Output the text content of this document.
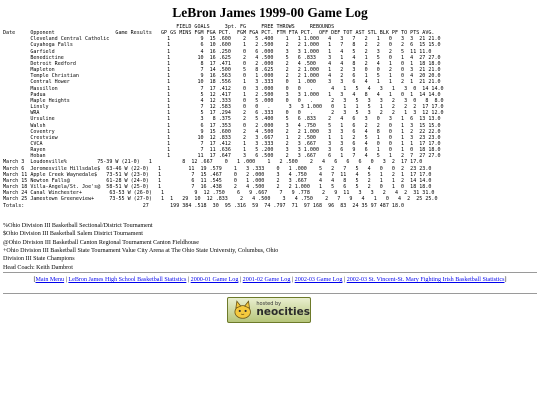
LeBron James 1999-00 Game Log
FIELD GOALS     3pt. FG     FREE THROWS     REBOUNDS
Date     Opponent                    Game Results   GP GS MINS FGM FGA PCT.  FGM FGA PCT. FTM FTA PCT.  OFF DEF TOT AST STL BLK PF TO PTS AVG.
Cleveland Central Catholic                   1          9  15 .600    2   5 .400    1   1 1.000   4   3   7   2   1   0   3  3  21 21.0
Cuyahoga Falls                               1          6  10 .600    1   2 .500    2   2 1.000   1   7   8   2   2   0   2  6  15 15.0
Garfield                                     1          4  16 .250    0   6 .000    3   3 1.000   1   4   5   2   3   2   5  11 11.0
Benedictine                                  1         10  16 .625    2   4 .500    5   6 .833    3   1   4   1   5   0   1  4  27 27.0
Detroit Redford                              1          8  17 .471    0   2 .000    2   4 .500    4   4   8   2   4   1   0  1  18 18.0
Mapleton                                     1          7  14 .500    5   8 .625    2   2 1.000   1   2   3   0   0   2   0  3  21 21.0
Temple Christian                             1          9  16 .563    0   1 .000    2   2 1.000   4   2   6   1   5   1   0  4  20 20.0
Central Hower                                1         10  18 .556    1   3 .333    0   1 .000    3   3   6   4   1   1   2  1  21 21.0
Massillon                                    1          7  17 .412    0   3 .000    0   0   .      4   1   5   4   3   1   3  0  14 14.0
Padua                                        1          5  12 .417    1   2 .500    3   3 1.000   1   3   4   8   4   1   0  1  14 14.0
Maple Heights                                1          4  12 .333    0   5 .000    0   0   .      2   3   5   3   3   2   3  0   8  8.0
Linsly                                       1          7  12 .583    0   0   .      3   3 1.000   0   1   1   5   1   2   2  2  17 17.0
WRA                                          1          5  17 .294    2   6 .333    0   0   .      2   3   5   3   2   2   1  3  12 12.0
Ursuline                                     1          3   8 .375    2   5 .400    5   6 .833    2   4   6   3   0   3   1  6  13 13.0
Walsh                                        1          6  17 .353    0   2 .000    3   4 .750    5   1   6   2   2   0   1  3  15 15.0
Coventry                                     1          9  15 .600    2   4 .500    2   2 1.000   3   3   6   4   8   0   1  2  22 22.0
Crestview                                    1         10  12 .833    2   3 .667    1   2 .500    1   1   2   5   1   0   1  3  23 23.0
CVCA                                         1          7  17 .412    1   3 .333    2   3 .667    3   3   6   4   0   0   1  1  17 17.0
Rayen                                        1          7  11 .636    1   5 .200    3   3 1.000   3   6   9   6   1   0   1  0  18 18.0
Hoban                                        1         11  17 .647    3   6 .500    2   3 .667    6   1   7   4   5   1   2  7  27 27.0
March 3  Loudonville%          75-39 W (21-0)   1          8  12 .667    0   1 .000    1   2 .500    2   4   6   6   6   0   3  2  17 17.0
March 6  Jeromesville Hillsdale$  63-46 W (22-0)   1         11  19 .579    1   3 .333    0   1 .000    5   2   7   5   4   0   0  2  23 23.0
March 11 Apple Creek Waynedale$   73-51 W (23-0)   1          7  15 .467    0   2 .000    3   4 .750    4   7  11   4   5   1   2  1  17 17.0
March 15 Newton Falls@            61-28 W (24-0)   1          6  11 .545    0   1 .000    2   3 .667    4   4   8   5   2   1   1  2  14 14.0
March 18 Villa-Angela/St. Joe's@  58-51 W (25-0)   1          7  16 .438    2   4 .500    2   2 1.000   1   5   6   5   2   0   1  0  18 18.0
March 24 Canal Winchester+         63-53 W (26-0)   1          9  12 .750    6   9 .667    7   9 .778    2   9  11   3   3   2   4  2  31 31.0
March 25 Jamestown Greeneview+     73-55 W (27-0)   1  1   29  10  12 .833    2   4 .500    3   4 .750    2   7   9   4   1   0   4  2  25 25.0
Totals:                                       27       199 384 .518  30  95 .316  59  74 .797  71  97 168  96  83  24 35 97 487 18.0
%Ohio Division III Basketball Sectional/District Tournament
$Ohio Division III Basketball Salem District Tournament
@Ohio Division III Basketball Canton Regional Tournament Canton Fieldhouse
+Ohio Division III Basketball State Tournament Value City Arena at The Ohio State University, Columbus, Ohio
Division III State Champions
Head Coach: Keith Dambrot
[Main Menu | LeBron James High School Basketball Statistics | 2000-01 Game Log | 2001-02 Game Log | 2002-03 Game Log | 2002-03 St. Vincent-St. Mary Fighting Irish Basketball Statistics]
hosted by
neocities
